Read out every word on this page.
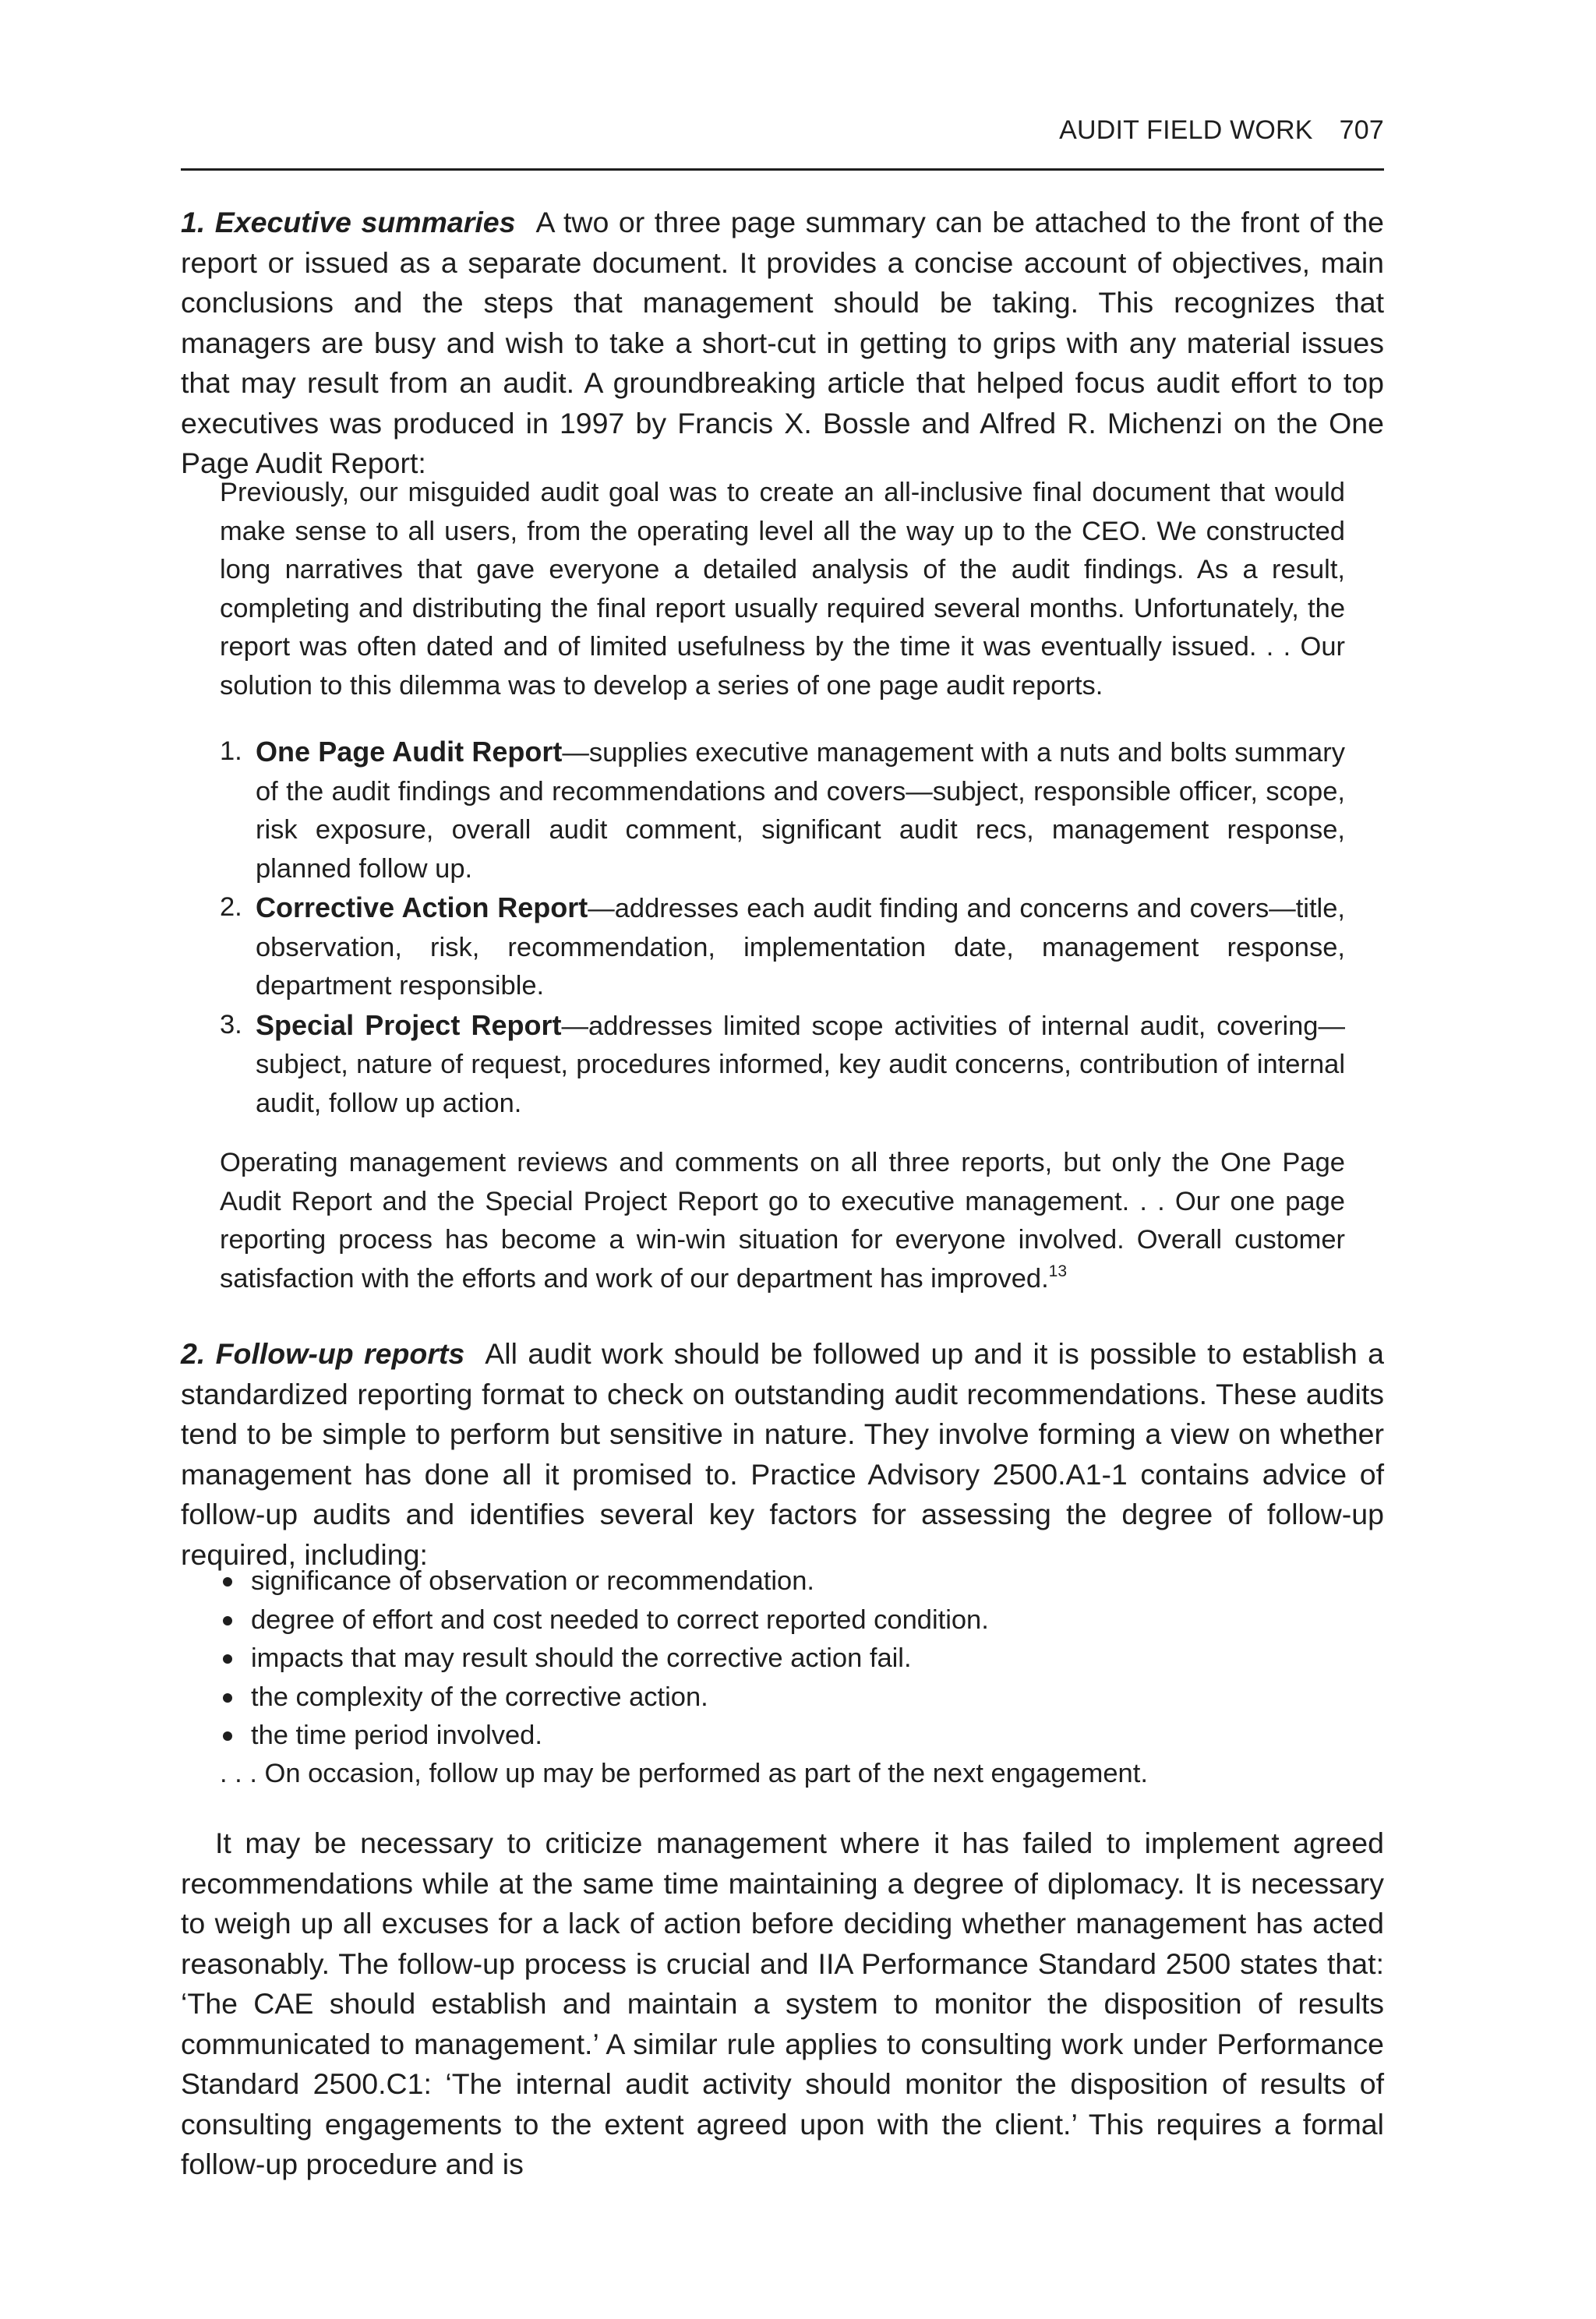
AUDIT FIELD WORK 707

1. Executive summaries A two or three page summary can be attached to the front of the report or issued as a separate document. It provides a concise account of objectives, main conclusions and the steps that management should be taking. This recognizes that managers are busy and wish to take a short-cut in getting to grips with any material issues that may result from an audit. A groundbreaking article that helped focus audit effort to top executives was produced in 1997 by Francis X. Bossle and Alfred R. Michenzi on the One Page Audit Report:

Previously, our misguided audit goal was to create an all-inclusive final document that would make sense to all users, from the operating level all the way up to the CEO. We constructed long narratives that gave everyone a detailed analysis of the audit findings. As a result, completing and distributing the final report usually required several months. Unfortunately, the report was often dated and of limited usefulness by the time it was eventually issued. . . Our solution to this dilemma was to develop a series of one page audit reports.

1. One Page Audit Report—supplies executive management with a nuts and bolts summary of the audit findings and recommendations and covers—subject, responsible officer, scope, risk exposure, overall audit comment, significant audit recs, management response, planned follow up.
2. Corrective Action Report—addresses each audit finding and concerns and covers—title, observation, risk, recommendation, implementation date, management response, department responsible.
3. Special Project Report—addresses limited scope activities of internal audit, covering—subject, nature of request, procedures informed, key audit concerns, contribution of internal audit, follow up action.

Operating management reviews and comments on all three reports, but only the One Page Audit Report and the Special Project Report go to executive management. . . Our one page reporting process has become a win-win situation for everyone involved. Overall customer satisfaction with the efforts and work of our department has improved.$^{13}$

2. Follow-up reports All audit work should be followed up and it is possible to establish a standardized reporting format to check on outstanding audit recommendations. These audits tend to be simple to perform but sensitive in nature. They involve forming a view on whether management has done all it promised to. Practice Advisory 2500.A1-1 contains advice of follow-up audits and identifies several key factors for assessing the degree of follow-up required, including:

significance of observation or recommendation.
degree of effort and cost needed to correct reported condition.
impacts that may result should the corrective action fail.
the complexity of the corrective action.
the time period involved.

. . . On occasion, follow up may be performed as part of the next engagement.

It may be necessary to criticize management where it has failed to implement agreed recommendations while at the same time maintaining a degree of diplomacy. It is necessary to weigh up all excuses for a lack of action before deciding whether management has acted reasonably. The follow-up process is crucial and IIA Performance Standard 2500 states that: ‘The CAE should establish and maintain a system to monitor the disposition of results communicated to management.’ A similar rule applies to consulting work under Performance Standard 2500.C1: ‘The internal audit activity should monitor the disposition of results of consulting engagements to the extent agreed upon with the client.’ This requires a formal follow-up procedure and is
